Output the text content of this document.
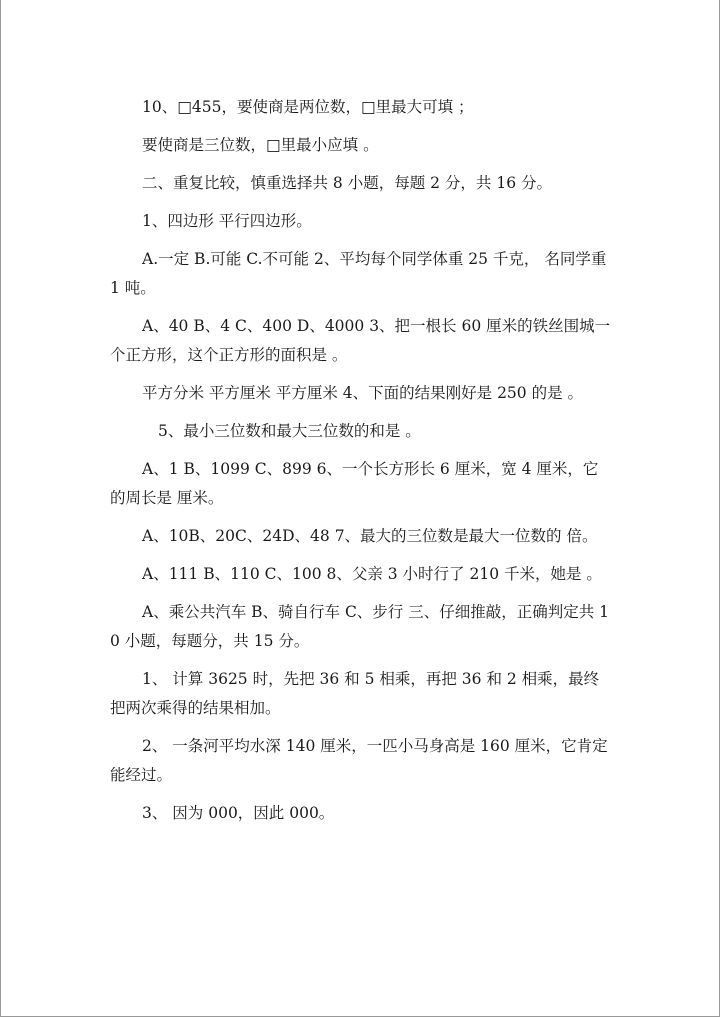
10、□455，要使商是两位数，□里最大可填 ；

要使商是三位数，□里最小应填 。

二、重复比较，慎重选择共 8 小题，每题 2 分，共 16 分。

1、四边形 平行四边形。

A.一定 B.可能 C.不可能 2、平均每个同学体重 25 千克， 名同学重 1 吨。

A、40 B、4 C、400 D、4000 3、把一根长 60 厘米的铁丝围城一个正方形，这个正方形的面积是 。

平方分米 平方厘米 平方厘米 4、下面的结果刚好是 250 的是 。

5、最小三位数和最大三位数的和是 。

A、1 B、1099 C、899 6、一个长方形长 6 厘米，宽 4 厘米，它的周长是 厘米。

A、10B、20C、24D、48 7、最大的三位数是最大一位数的 倍。

A、111 B、110 C、100 8、父亲 3 小时行了 210 千米，她是 。

A、乘公共汽车 B、骑自行车 C、步行 三、仔细推敲，正确判定共 10 小题，每题分，共 15 分。

1、 计算 3625 时，先把 36 和 5 相乘，再把 36 和 2 相乘，最终把两次乘得的结果相加。

2、 一条河平均水深 140 厘米，一匹小马身高是 160 厘米，它肯定能经过。

3、 因为 000，因此 000。
